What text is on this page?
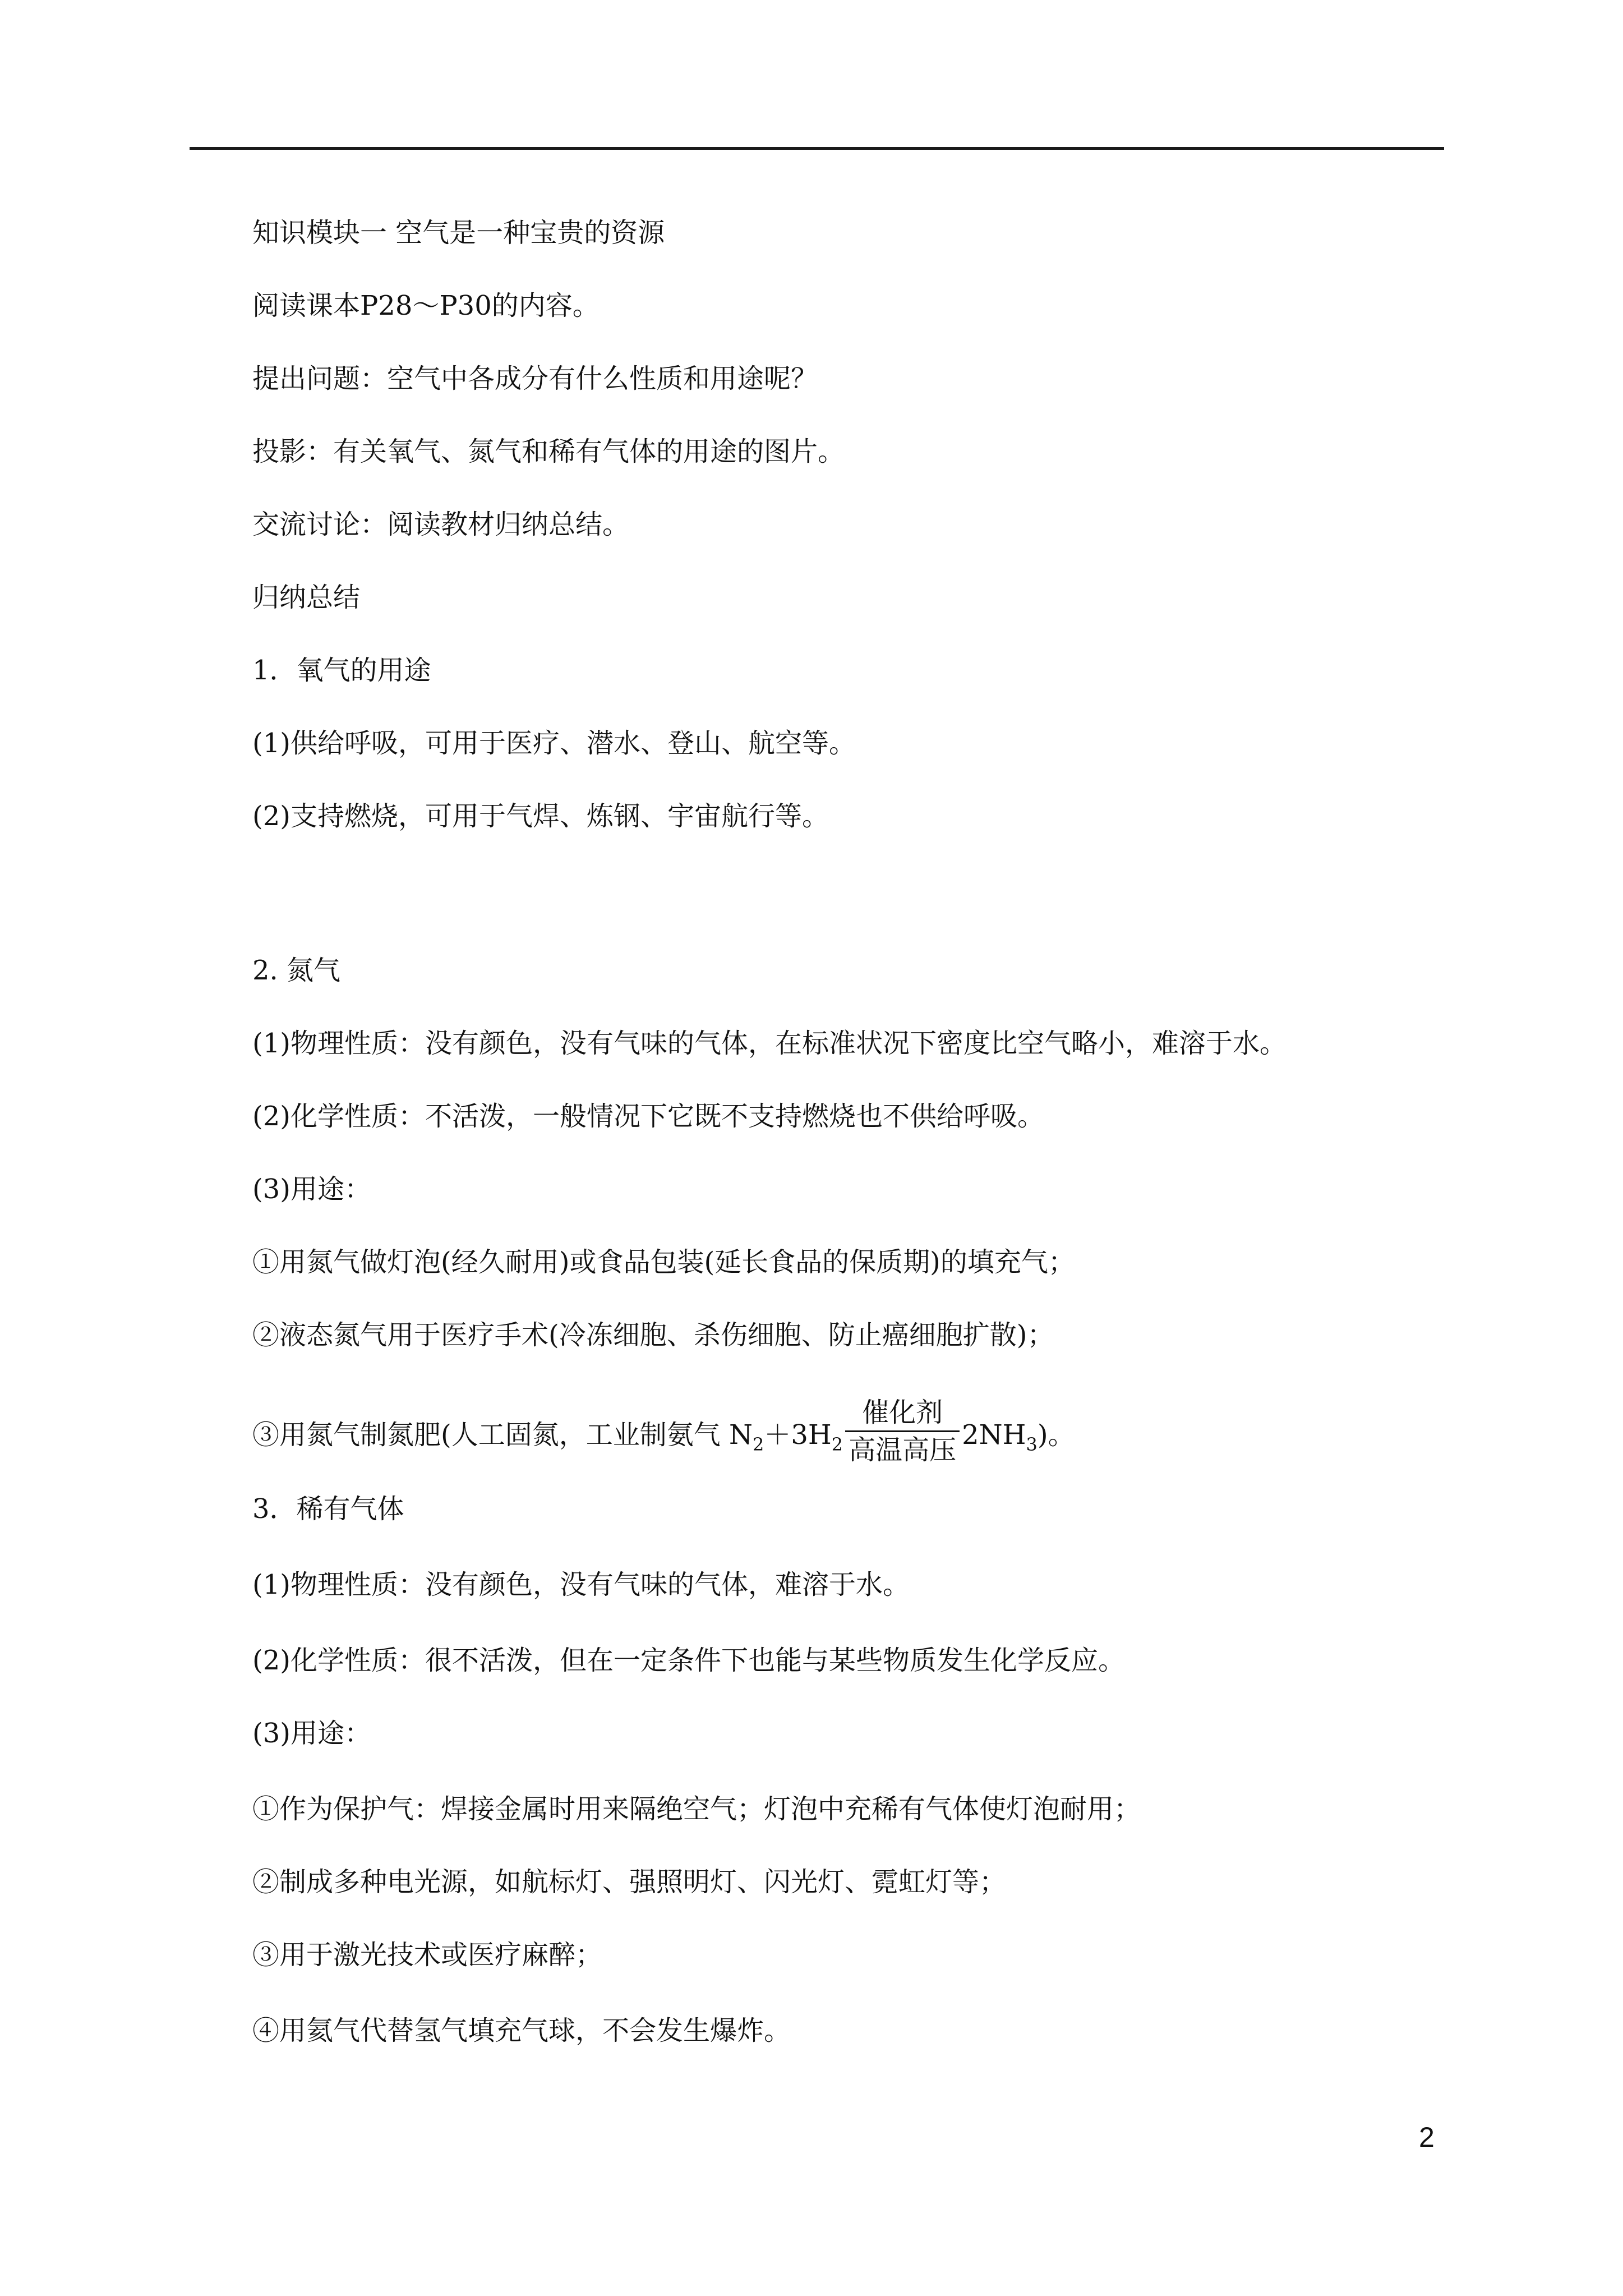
知识模块一 空气是一种宝贵的资源
阅读课本P28～P30的内容。
提出问题：空气中各成分有什么性质和用途呢？
投影：有关氧气、氮气和稀有气体的用途的图片。
交流讨论：阅读教材归纳总结。
归纳总结
1．氧气的用途
(1)供给呼吸，可用于医疗、潜水、登山、航空等。
(2)支持燃烧，可用于气焊、炼钢、宇宙航行等。
2. 氮气
(1)物理性质：没有颜色，没有气味的气体，在标准状况下密度比空气略小，难溶于水。
(2)化学性质：不活泼，一般情况下它既不支持燃烧也不供给呼吸。
(3)用途：
①用氮气做灯泡(经久耐用)或食品包装(延长食品的保质期)的填充气；
②液态氮气用于医疗手术(冷冻细胞、杀伤细胞、防止癌细胞扩散)；
③用氮气制氮肥(人工固氮，工业制氨气 $N_2+3H_2 \frac{\text{催化剂}}{\text{高温高压}} 2NH_3$)。
3．稀有气体
(1)物理性质：没有颜色，没有气味的气体，难溶于水。
(2)化学性质：很不活泼，但在一定条件下也能与某些物质发生化学反应。
(3)用途：
①作为保护气：焊接金属时用来隔绝空气；灯泡中充稀有气体使灯泡耐用；
②制成多种电光源，如航标灯、强照明灯、闪光灯、霓虹灯等；
③用于激光技术或医疗麻醉；
④用氦气代替氢气填充气球，不会发生爆炸。
2
